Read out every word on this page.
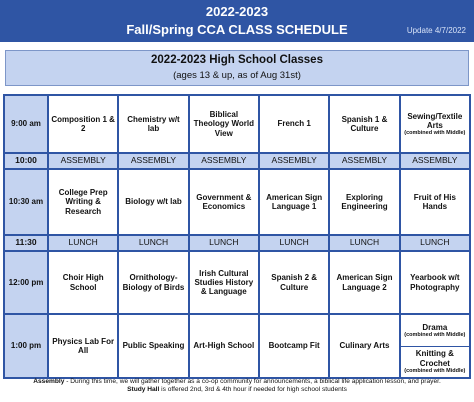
2022-2023
Fall/Spring CCA CLASS SCHEDULE	Update 4/7/2022
2022-2023 High School Classes
(ages 13 & up, as of Aug 31st)
9:00 am	Composition 1 & 2	Chemistry w/t lab	Biblical Theology World View	French 1	Spanish 1 & Culture	Sewing/Textile Arts
(combined with Middle)

10:00	ASSEMBLY	ASSEMBLY	ASSEMBLY	ASSEMBLY	ASSEMBLY	ASSEMBLY
10:30 am	College Prep Writing & Research	Biology w/t lab	Government & Economics	American Sign Language 1	Exploring Engineering	Fruit of His Hands
11:30	LUNCH	LUNCH	LUNCH	LUNCH	LUNCH	LUNCH
12:00 pm	Choir High School	Ornithology-Biology of Birds	Irish Cultural Studies History & Language	Spanish 2 & Culture	American Sign Language 2	Yearbook w/t Photography
1:00 pm	Physics Lab For All	Public Speaking	Art-High School	Bootcamp Fit	Culinary Arts	Drama
(combined with Middle)
Knitting & Crochet
(combined with Middle)
Assembly - During this time, we will gather together as a co-op community for announcements, a biblical life application lesson, and prayer.
Study Hall is offered 2nd, 3rd & 4th hour if needed for high school students
